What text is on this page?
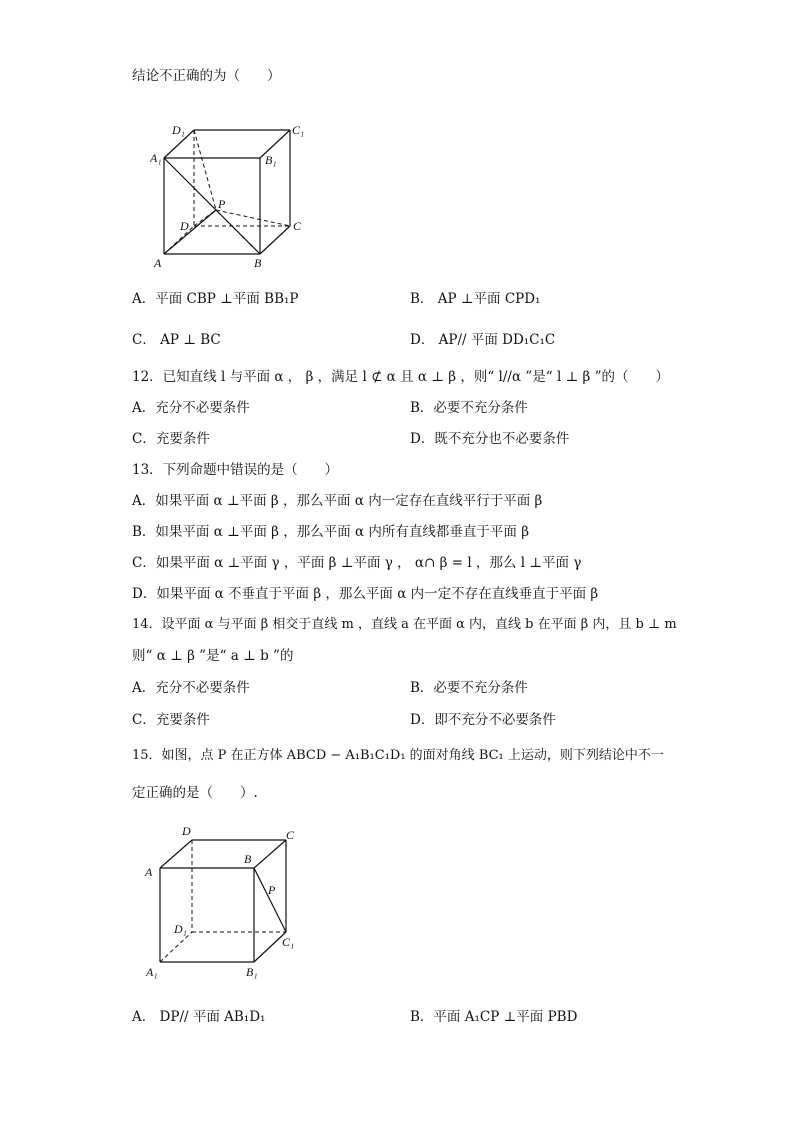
结论不正确的为（　　）
D₁	C₁
A₁	B₁
P
D	C
A	B
A．平面 CBP ⊥平面 BB₁P	B． AP ⊥平面 CPD₁
C． AP ⊥ BC	D． AP// 平面 DD₁C₁C
12．已知直线 l 与平面 α ， β ，满足 l ⊄ α 且 α ⊥ β ，则“ l//α ”是“ l ⊥ β ”的（　　）
A．充分不必要条件	B．必要不充分条件
C．充要条件	D．既不充分也不必要条件
13．下列命题中错误的是（　　）
A．如果平面 α ⊥平面 β ，那么平面 α 内一定存在直线平行于平面 β
B．如果平面 α ⊥平面 β ，那么平面 α 内所有直线都垂直于平面 β
C．如果平面 α ⊥平面 γ ，平面 β ⊥平面 γ ， α∩ β = l ，那么 l ⊥平面 γ
D．如果平面 α 不垂直于平面 β ，那么平面 α 内一定不存在直线垂直于平面 β
14．设平面 α 与平面 β 相交于直线 m ，直线 a 在平面 α 内，直线 b 在平面 β 内，且 b ⊥ m
则“ α ⊥ β ”是“ a ⊥ b ”的
A．充分不必要条件	B．必要不充分条件
C．充要条件	D．即不充分不必要条件
15．如图，点 P 在正方体 ABCD − A₁B₁C₁D₁ 的面对角线 BC₁ 上运动，则下列结论中不一
定正确的是（　　）.
D	C
A
B
P
D₁
C₁
A₁	B₁
A． DP// 平面 AB₁D₁	B．平面 A₁CP ⊥平面 PBD
